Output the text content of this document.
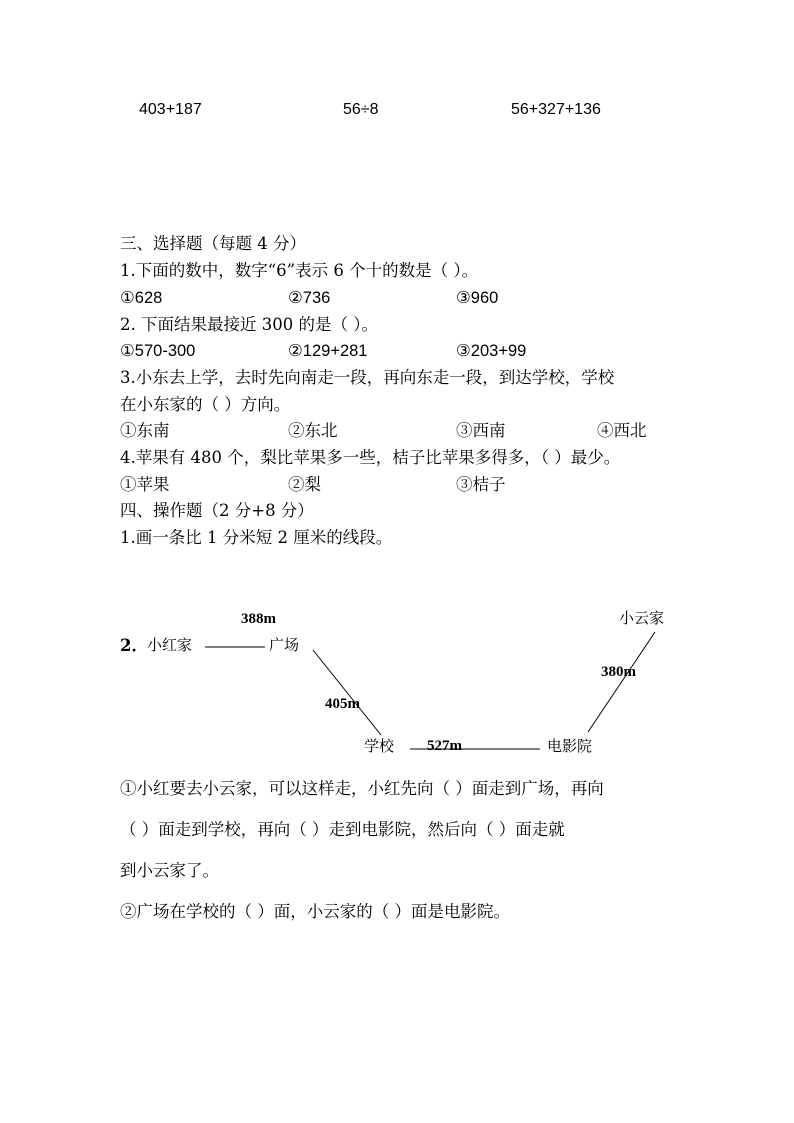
403+187	56÷8	56+327+136
三、选择题（每题 4 分）
1.下面的数中，数字“6”表示 6 个十的数是（ ）。
①628	②736	③960
2. 下面结果最接近 300 的是（ ）。
①570-300	②129+281	③203+99
3.小东去上学，去时先向南走一段，再向东走一段，到达学校，学校
在小东家的（ ）方向。
①东南	②东北	③西南	④西北
4.苹果有 480 个，梨比苹果多一些，桔子比苹果多得多，（ ）最少。
①苹果	②梨	③桔子
四、操作题（2 分+8 分）
1.画一条比 1 分米短 2 厘米的线段。
2． 小红家	广场
学校	电影院
小云家
388m
405m
527m
380m
①小红要去小云家，可以这样走，小红先向（ ）面走到广场，再向
（ ）面走到学校，再向（ ）走到电影院，然后向（ ）面走就
到小云家了。
②广场在学校的（ ）面，小云家的（ ）面是电影院。
